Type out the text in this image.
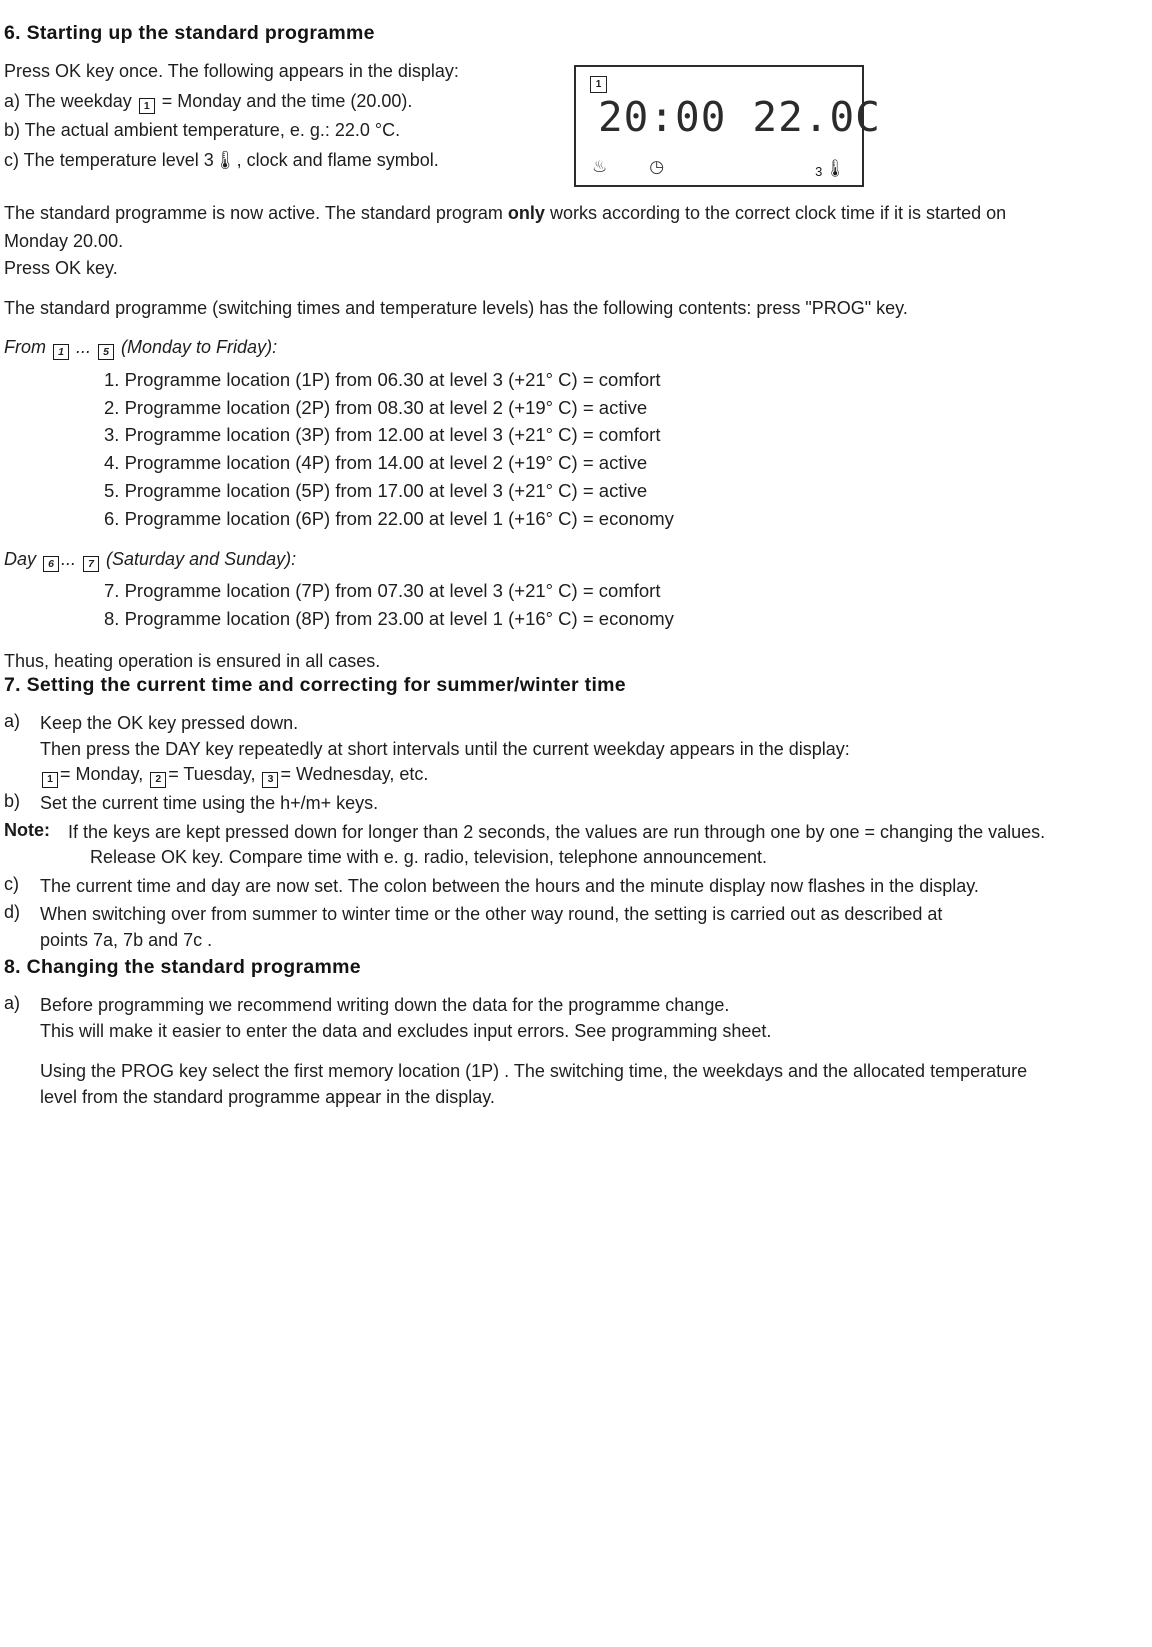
6. Starting up the standard programme

Press OK key once. The following appears in the display:

a) The weekday 1 = Monday and the time (20.00).

b) The actual ambient temperature, e. g.: 22.0 °C.

c) The temperature level 3🌡, clock and flame symbol.

1
20:00 22.0C
♨ ◷	3 🌡

The standard programme is now active. The standard program only works according to the correct clock time if it is started on

Monday 20.00.

Press OK key.

The standard programme (switching times and temperature levels) has the following contents: press "PROG" key.

From 1 ... 5 (Monday to Friday):

1. Programme location (1P) from 06.30 at level 3 (+21° C) = comfort
2. Programme location (2P) from 08.30 at level 2 (+19° C) = active
3. Programme location (3P) from 12.00 at level 3 (+21° C) = comfort
4. Programme location (4P) from 14.00 at level 2 (+19° C) = active
5. Programme location (5P) from 17.00 at level 3 (+21° C) = active
6. Programme location (6P) from 22.00 at level 1 (+16° C) = economy

Day 6 ... 7 (Saturday and Sunday):

7. Programme location (7P) from 07.30 at level 3 (+21° C) = comfort
8. Programme location (8P) from 23.00 at level 1 (+16° C) = economy

Thus, heating operation is ensured in all cases.

7. Setting the current time and correcting for summer/winter time
a)	Keep the OK key pressed down.
Then press the DAY key repeatedly at short intervals until the current weekday appears in the display:
1 = Monday, 2 = Tuesday, 3 = Wednesday, etc.
b)	Set the current time using the h+/m+ keys.
Note:	If the keys are kept pressed down for longer than 2 seconds, the values are run through one by one = changing the values.
Release OK key. Compare time with e. g. radio, television, telephone announcement.
c)	The current time and day are now set. The colon between the hours and the minute display now flashes in the display.
d)	When switching over from summer to winter time or the other way round, the setting is carried out as described at
points 7a, 7b and 7c .
8. Changing the standard programme
a)	Before programming we recommend writing down the data for the programme change.
This will make it easier to enter the data and excludes input errors. See programming sheet.
Using the PROG key select the first memory location (1P) . The switching time, the weekdays and the allocated temperature
level from the standard programme appear in the display.
